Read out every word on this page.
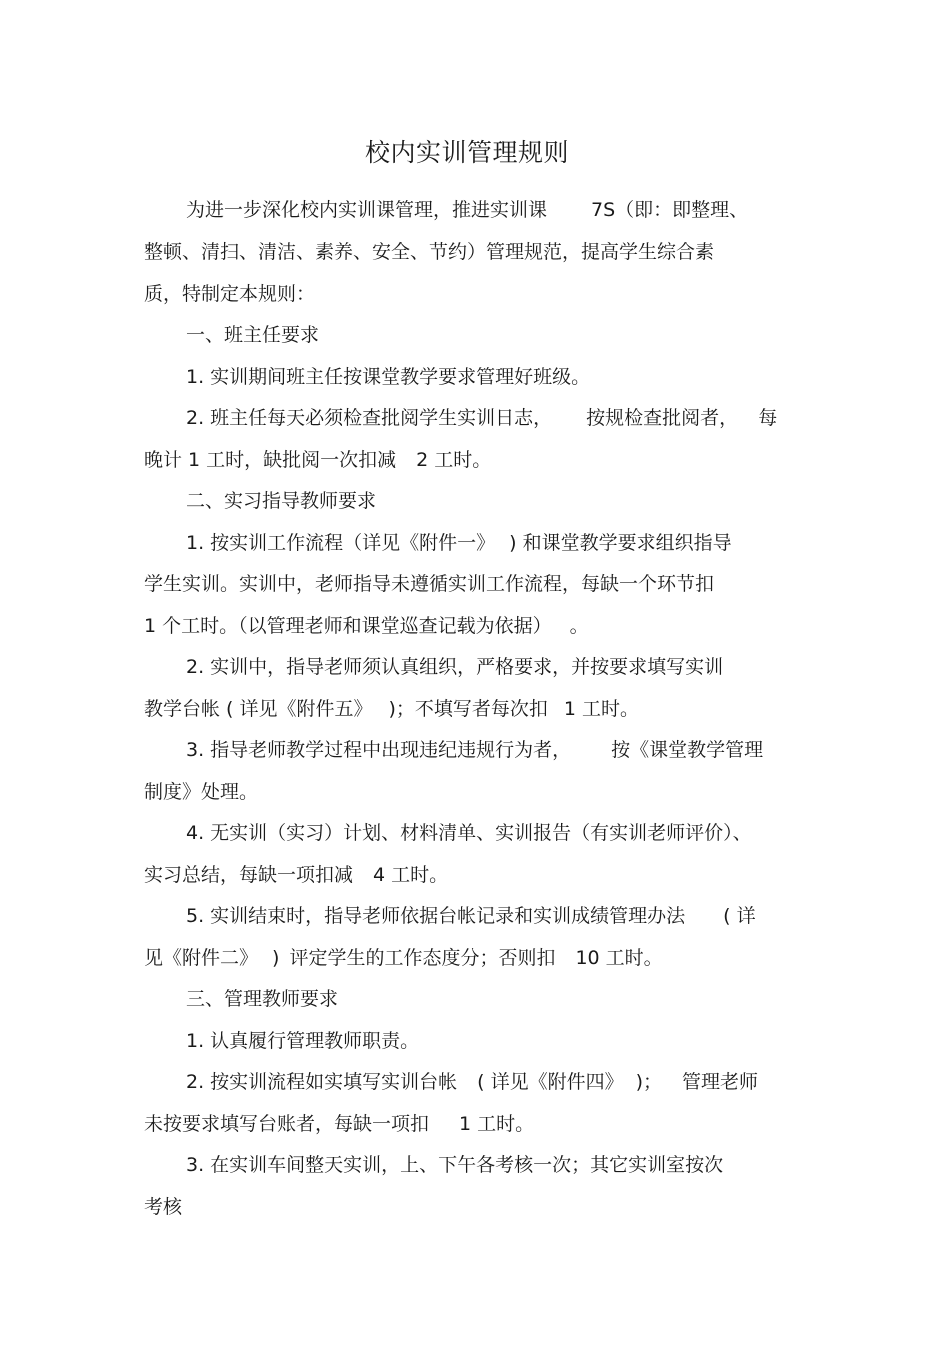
校内实训管理规则

为进一步深化校内实训课管理，推进实训课 7S（即：即整理、

整顿、清扫、清洁、素养、安全、节约）管理规范，提高学生综合素

质，特制定本规则：

一、班主任要求

1. 实训期间班主任按课堂教学要求管理好班级。

2. 班主任每天必须检查批阅学生实训日志， 按规检查批阅者， 每

晚计 1 工时，缺批阅一次扣减 2 工时。

二、实习指导教师要求

1. 按实训工作流程（详见《附件一》 ) 和课堂教学要求组织指导

学生实训。实训中，老师指导未遵循实训工作流程，每缺一个环节扣

1 个工时。（以管理老师和课堂巡查记载为依据） 。

2. 实训中，指导老师须认真组织，严格要求，并按要求填写实训

教学台帐 ( 详见《附件五》 )；不填写者每次扣 1 工时。

3. 指导老师教学过程中出现违纪违规行为者， 按《课堂教学管理

制度》处理。

4. 无实训（实习）计划、材料清单、实训报告（有实训老师评价）、

实习总结，每缺一项扣减 4 工时。

5. 实训结束时，指导老师依据台帐记录和实训成绩管理办法 ( 详

见《附件二》 ) 评定学生的工作态度分；否则扣 10 工时。

三、管理教师要求

1. 认真履行管理教师职责。

2. 按实训流程如实填写实训台帐 ( 详见《附件四》 )； 管理老师

未按要求填写台账者，每缺一项扣 1 工时。

3. 在实训车间整天实训，上、下午各考核一次；其它实训室按次

考核
